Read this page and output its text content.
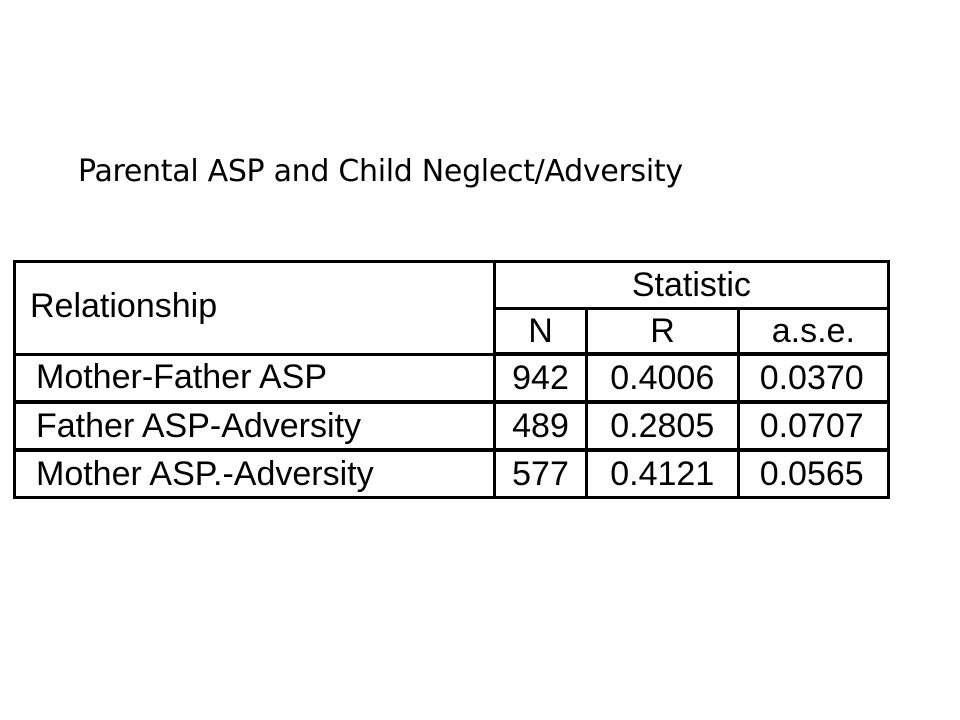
Parental ASP and Child Neglect/Adversity
Relationship	Statistic		
	N	R	a.s.e.
Mother-Father ASP	942	0.4006	0.0370
Father ASP-Adversity	489	0.2805	0.0707
Mother ASP.-Adversity	577	0.4121	0.0565
